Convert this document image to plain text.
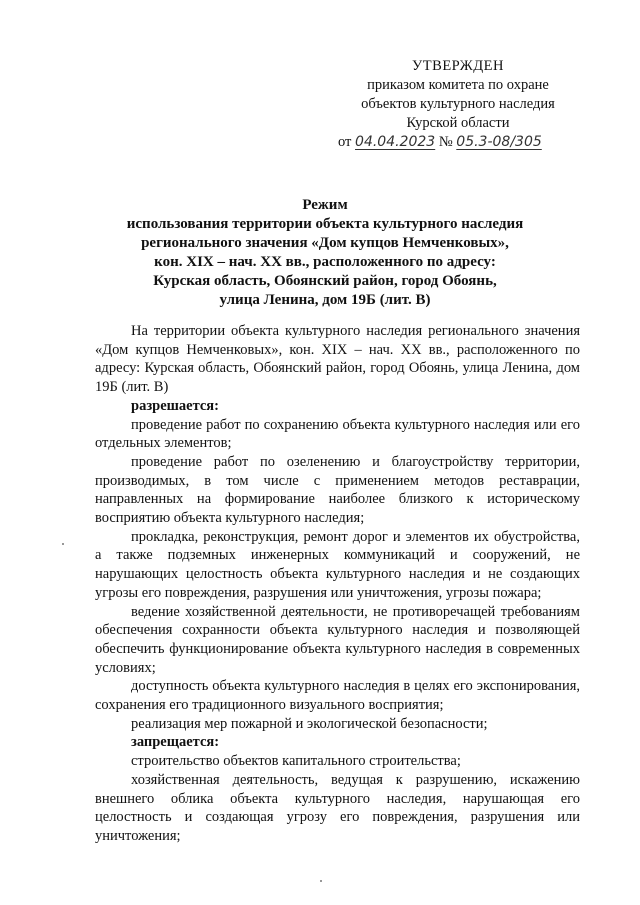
УТВЕРЖДЕН
приказом комитета по охране
объектов культурного наследия
Курской области
от 04.04.2023 № 05.3-08/305
Режим
использования территории объекта культурного наследия
регионального значения «Дом купцов Немченковых»,
кон. XIX – нач. XX вв., расположенного по адресу:
Курская область, Обоянский район, город Обоянь,
улица Ленина, дом 19Б (лит. В)

На территории объекта культурного наследия регионального значения «Дом купцов Немченковых», кон. XIX – нач. XX вв., расположенного по адресу: Курская область, Обоянский район, город Обоянь, улица Ленина, дом 19Б (лит. В)

разрешается:

проведение работ по сохранению объекта культурного наследия или его отдельных элементов;

проведение работ по озеленению и благоустройству территории, производимых, в том числе с применением методов реставрации, направленных на формирование наиболее близкого к историческому восприятию объекта культурного наследия;

прокладка, реконструкция, ремонт дорог и элементов их обустройства, а также подземных инженерных коммуникаций и сооружений, не нарушающих целостность объекта культурного наследия и не создающих угрозы его повреждения, разрушения или уничтожения, угрозы пожара;

ведение хозяйственной деятельности, не противоречащей требованиям обеспечения сохранности объекта культурного наследия и позволяющей обеспечить функционирование объекта культурного наследия в современных условиях;

доступность объекта культурного наследия в целях его экспонирования, сохранения его традиционного визуального восприятия;

реализация мер пожарной и экологической безопасности;

запрещается:

строительство объектов капитального строительства;

хозяйственная деятельность, ведущая к разрушению, искажению внешнего облика объекта культурного наследия, нарушающая его целостность и создающая угрозу его повреждения, разрушения или уничтожения;
